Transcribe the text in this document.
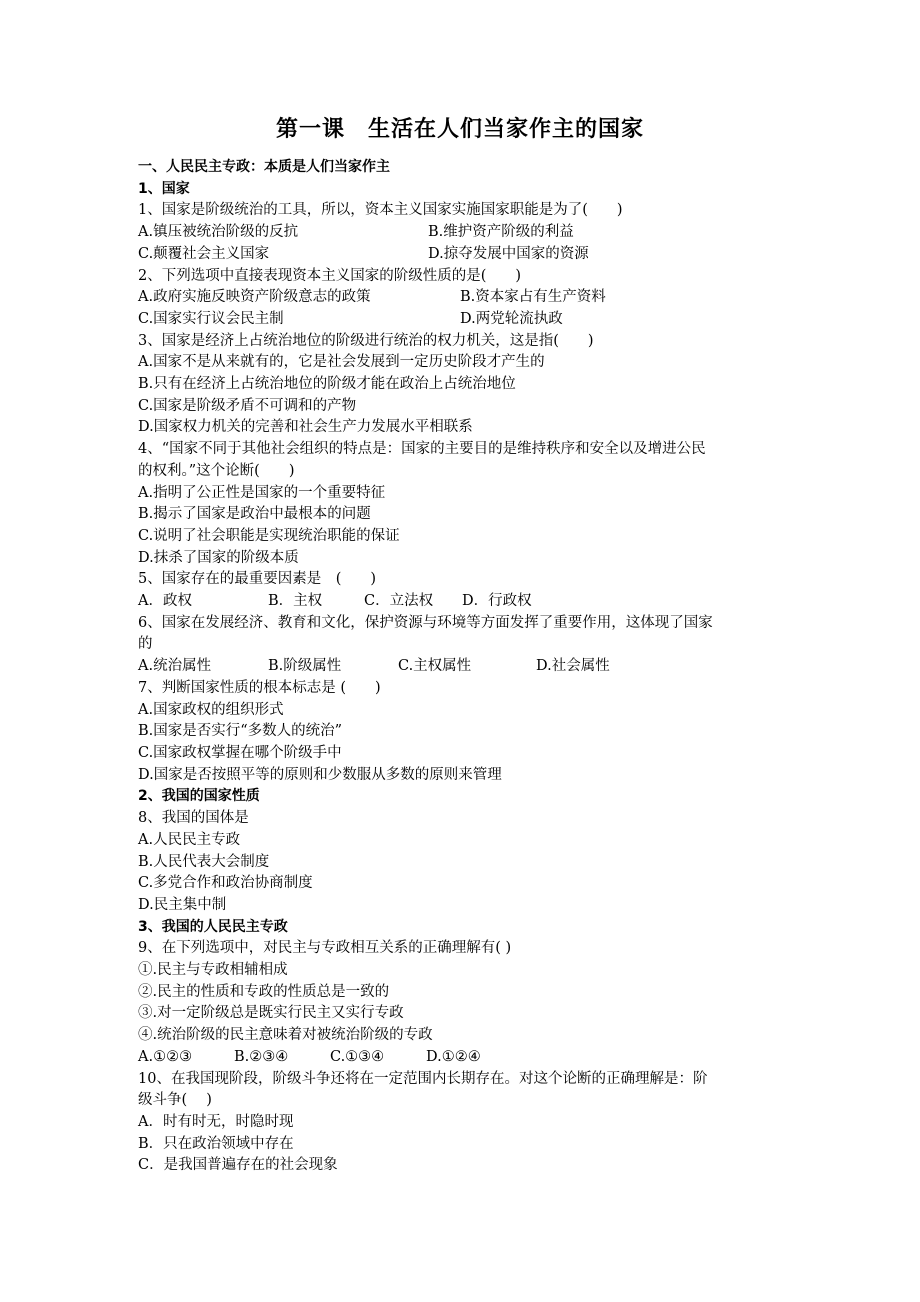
第一课　生活在人们当家作主的国家
一、人民民主专政：本质是人们当家作主
1、国家
1、国家是阶级统治的工具，所以，资本主义国家实施国家职能是为了(　　)
A.镇压被统治阶级的反抗	B.维护资产阶级的利益
C.颠覆社会主义国家	D.掠夺发展中国家的资源
2、下列选项中直接表现资本主义国家的阶级性质的是(　　)
A.政府实施反映资产阶级意志的政策	B.资本家占有生产资料
C.国家实行议会民主制	D.两党轮流执政
3、国家是经济上占统治地位的阶级进行统治的权力机关，这是指(　　)
A.国家不是从来就有的，它是社会发展到一定历史阶段才产生的
B.只有在经济上占统治地位的阶级才能在政治上占统治地位
C.国家是阶级矛盾不可调和的产物
D.国家权力机关的完善和社会生产力发展水平相联系
4、“国家不同于其他社会组织的特点是：国家的主要目的是维持秩序和安全以及增进公民
的权利。”这个论断(　　)
A.指明了公正性是国家的一个重要特征
B.揭示了国家是政治中最根本的问题
C.说明了社会职能是实现统治职能的保证
D.抹杀了国家的阶级本质
5、国家存在的最重要因素是　(　　)
A．政权	B．主权	C．立法权	D．行政权
6、国家在发展经济、教育和文化，保护资源与环境等方面发挥了重要作用，这体现了国家
的
A.统治属性	B.阶级属性	C.主权属性	D.社会属性
7、判断国家性质的根本标志是 (　　)
A.国家政权的组织形式
B.国家是否实行“多数人的统治”
C.国家政权掌握在哪个阶级手中
D.国家是否按照平等的原则和少数服从多数的原则来管理
2、我国的国家性质
8、我国的国体是
A.人民民主专政
B.人民代表大会制度
C.多党合作和政治协商制度
D.民主集中制
3、我国的人民民主专政
9、在下列选项中，对民主与专政相互关系的正确理解有( )
①.民主与专政相辅相成
②.民主的性质和专政的性质总是一致的
③.对一定阶级总是既实行民主又实行专政
④.统治阶级的民主意味着对被统治阶级的专政
A.①②③	B.②③④	C.①③④	D.①②④
10、在我国现阶段，阶级斗争还将在一定范围内长期存在。对这个论断的正确理解是：阶
级斗争(　 )
A．时有时无，时隐时现
B．只在政治领域中存在
C．是我国普遍存在的社会现象
